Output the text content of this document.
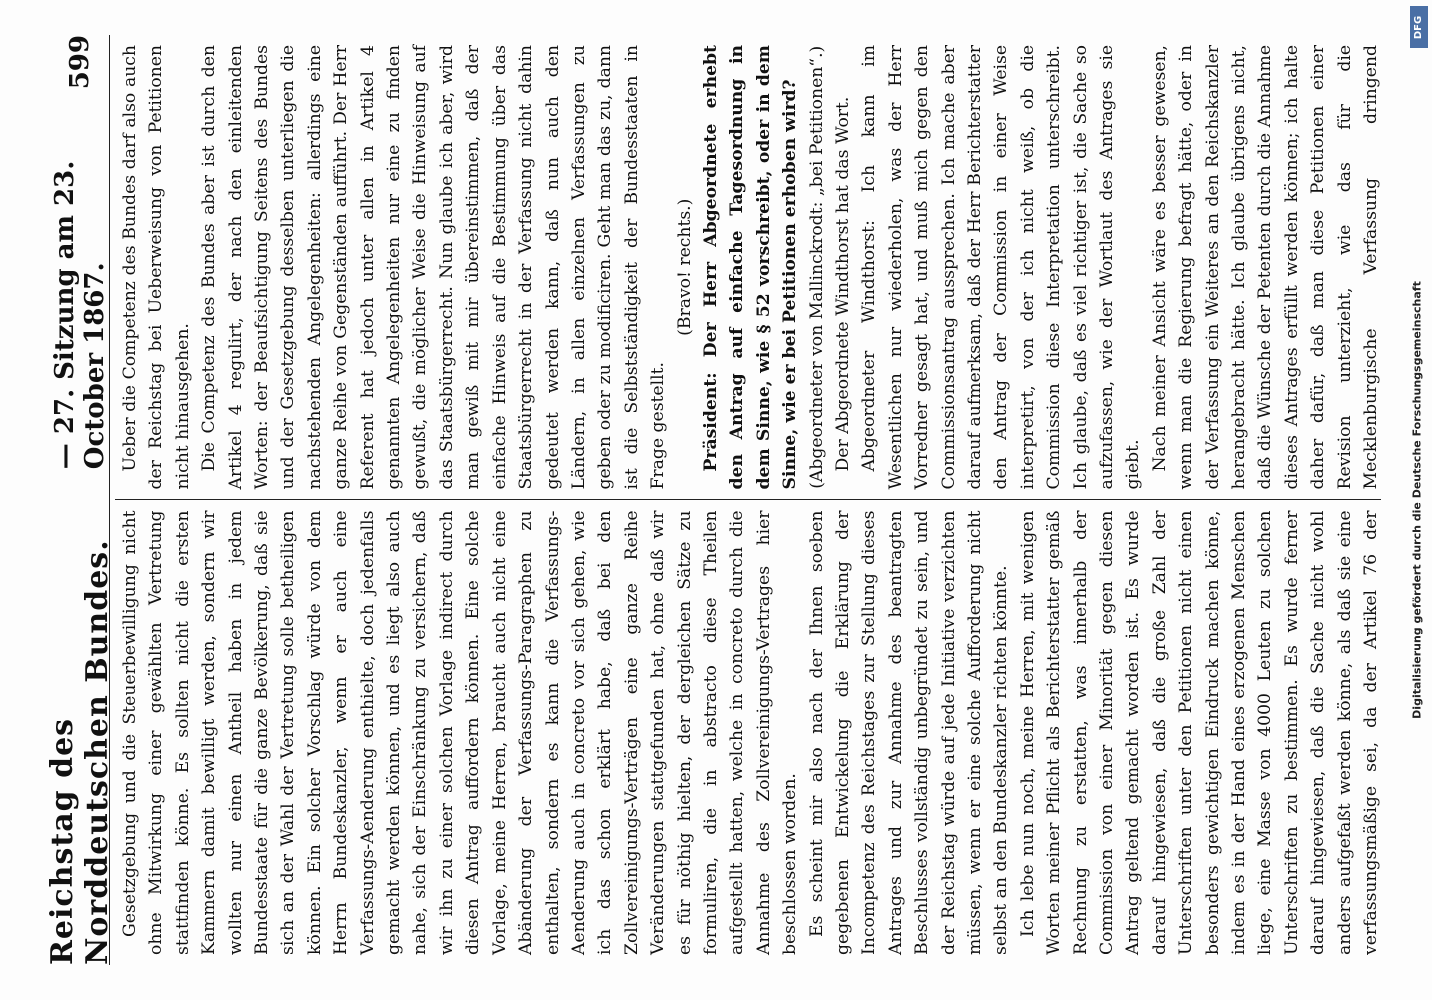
Reichstag des Norddeutschen Bundes.
— 27. Sitzung am 23. October 1867.
599

Gesetzgebung und die Steuerbewilligung nicht ohne Mitwirkung einer gewählten Vertretung stattfinden könne. Es sollten nicht die ersten Kammern damit bewilligt werden, sondern wir wollten nur einen Antheil haben in jedem Bundesstaate für die ganze Bevölkerung, daß sie sich an der Wahl der Vertretung solle betheiligen können. Ein solcher Vorschlag würde von dem Herrn Bundeskanzler, wenn er auch eine Verfassungs-Aenderung enthielte, doch jedenfalls gemacht werden können, und es liegt also auch nahe, sich der Einschränkung zu versichern, daß wir ihn zu einer solchen Vorlage indirect durch diesen Antrag auffordern können. Eine solche Vorlage, meine Herren, braucht auch nicht eine Abänderung der Verfassungs-Paragraphen zu enthalten, sondern es kann die Verfassungs-Aenderung auch in concreto vor sich gehen, wie ich das schon erklärt habe, daß bei den Zollvereinigungs-Verträgen eine ganze Reihe Veränderungen stattgefunden hat, ohne daß wir es für nöthig hielten, der dergleichen Sätze zu formuliren, die in abstracto diese Theilen aufgestellt hatten, welche in concreto durch die Annahme des Zollvereinigungs-Vertrages hier beschlossen worden. Es scheint mir also nach der Ihnen soeben gegebenen Entwickelung die Erklärung der Incompetenz des Reichstages zur Stellung dieses Antrages und zur Annahme des beantragten Beschlusses vollständig unbegründet zu sein, und der Reichstag würde auf jede Initiative verzichten müssen, wenn er eine solche Aufforderung nicht selbst an den Bundeskanzler richten könnte. Ich lebe nun noch, meine Herren, mit wenigen Worten meiner Pflicht als Berichterstatter gemäß Rechnung zu erstatten, was innerhalb der Commission von einer Minorität gegen diesen Antrag geltend gemacht worden ist. Es wurde darauf hingewiesen, daß die große Zahl der Unterschriften unter den Petitionen nicht einen besonders gewichtigen Eindruck machen könne, indem es in der Hand eines erzogenen Menschen liege, eine Masse von 4000 Leuten zu solchen Unterschriften zu bestimmen. Es wurde ferner darauf hingewiesen, daß die Sache nicht wohl anders aufgefaßt werden könne, als daß sie eine verfassungsmäßige sei, da der Artikel 76 der

Ueber die Competenz des Bundes darf also auch der Reichstag bei Ueberweisung von Petitionen nicht hinausgehen. Die Competenz des Bundes aber ist durch den Artikel 4 regulirt, der nach den einleitenden Worten: der Beaufsichtigung Seitens des Bundes und der Gesetzgebung desselben unterliegen die nachstehenden Angelegenheiten: allerdings eine ganze Reihe von Gegenständen aufführt. Der Herr Referent hat jedoch unter allen in Artikel 4 genannten Angelegenheiten nur eine zu finden gewußt, die möglicher Weise die Hinweisung auf das Staatsbürgerrecht. Nun glaube ich aber, wird man gewiß mit mir übereinstimmen, daß der einfache Hinweis auf die Bestimmung über das Staatsbürgerrecht in der Verfassung nicht dahin gedeutet werden kann, daß nun auch den Ländern, in allen einzelnen Verfassungen zu geben oder zu modificiren. Geht man das zu, dann ist die Selbstständigkeit der Bundesstaaten in Frage gestellt.

(Bravo! rechts.) Präsident: Der Herr Abgeordnete erhebt den Antrag auf einfache Tagesordnung in dem Sinne, wie § 52 vorschreibt, oder in dem Sinne, wie er bei Petitionen erhoben wird? (Abgeordneter von Mallinckrodt: „bei Petitionen“.) Der Abgeordnete Windthorst hat das Wort. Abgeordneter Windthorst: Ich kann im Wesentlichen nur wiederholen, was der Herr Vorredner gesagt hat, und muß mich gegen den Commissionsantrag aussprechen. Ich mache aber darauf aufmerksam, daß der Herr Berichterstatter den Antrag der Commission in einer Weise interpretirt, von der ich nicht weiß, ob die Commission diese Interpretation unterschreibt. Ich glaube, daß es viel richtiger ist, die Sache so aufzufassen, wie der Wortlaut des Antrages sie giebt. Nach meiner Ansicht wäre es besser gewesen, wenn man die Regierung befragt hätte, oder in der Verfassung ein Weiteres an den Reichskanzler herangebracht hätte. Ich glaube übrigens nicht, daß die Wünsche der Petenten durch die Annahme dieses Antrages erfüllt werden können; ich halte daher dafür, daß man diese Petitionen einer Revision unterzieht, wie das für die Mecklenburgische Verfassung dringend

DFG
Digitalisierung gefördert durch die Deutsche Forschungsgemeinschaft
